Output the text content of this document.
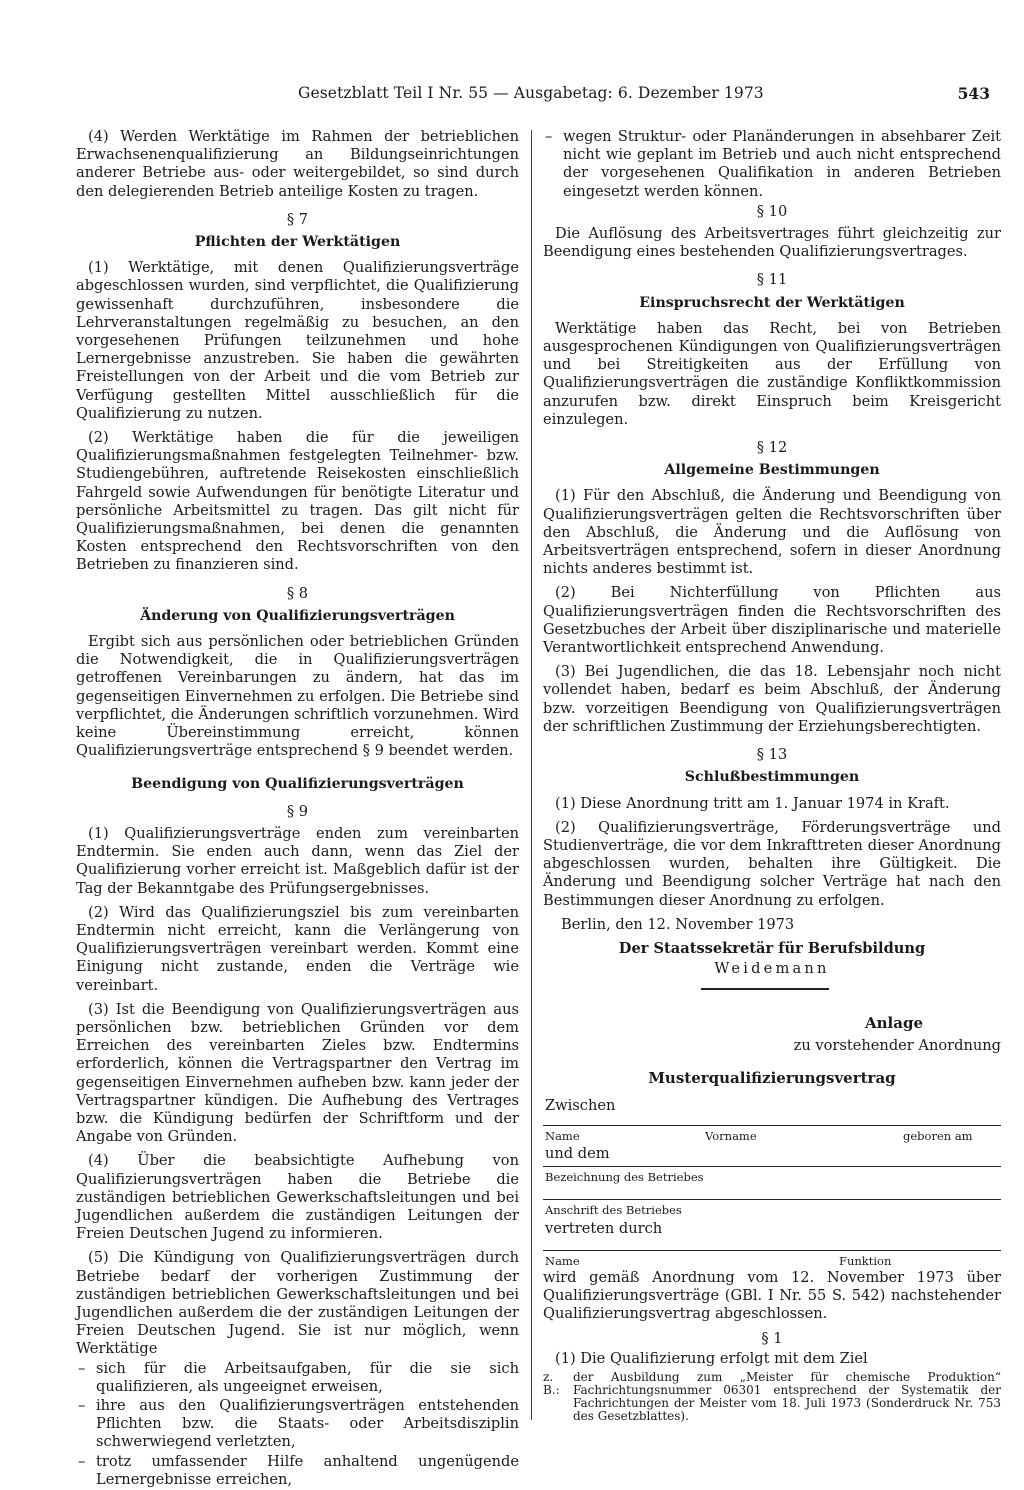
Gesetzblatt Teil I Nr. 55 — Ausgabetag: 6. Dezember 1973	543

(4) Werden Werktätige im Rahmen der betrieblichen Erwachsenenqualifizierung an Bildungseinrichtungen anderer Betriebe aus- oder weitergebildet, so sind durch den delegierenden Betrieb anteilige Kosten zu tragen.

§ 7
Pflichten der Werktätigen

(1) Werktätige, mit denen Qualifizierungsverträge abgeschlossen wurden, sind verpflichtet, die Qualifizierung gewissenhaft durchzuführen, insbesondere die Lehrveranstaltungen regelmäßig zu besuchen, an den vorgesehenen Prüfungen teilzunehmen und hohe Lernergebnisse anzustreben. Sie haben die gewährten Freistellungen von der Arbeit und die vom Betrieb zur Verfügung gestellten Mittel ausschließlich für die Qualifizierung zu nutzen.

(2) Werktätige haben die für die jeweiligen Qualifizierungsmaßnahmen festgelegten Teilnehmer- bzw. Studiengebühren, auftretende Reisekosten einschließlich Fahrgeld sowie Aufwendungen für benötigte Literatur und persönliche Arbeitsmittel zu tragen. Das gilt nicht für Qualifizierungsmaßnahmen, bei denen die genannten Kosten entsprechend den Rechtsvorschriften von den Betrieben zu finanzieren sind.

§ 8
Änderung von Qualifizierungsverträgen

Ergibt sich aus persönlichen oder betrieblichen Gründen die Notwendigkeit, die in Qualifizierungsverträgen getroffenen Vereinbarungen zu ändern, hat das im gegenseitigen Einvernehmen zu erfolgen. Die Betriebe sind verpflichtet, die Änderungen schriftlich vorzunehmen. Wird keine Übereinstimmung erreicht, können Qualifizierungsverträge entsprechend § 9 beendet werden.

Beendigung von Qualifizierungsverträgen
§ 9

(1) Qualifizierungsverträge enden zum vereinbarten Endtermin. Sie enden auch dann, wenn das Ziel der Qualifizierung vorher erreicht ist. Maßgeblich dafür ist der Tag der Bekanntgabe des Prüfungsergebnisses.

(2) Wird das Qualifizierungsziel bis zum vereinbarten Endtermin nicht erreicht, kann die Verlängerung von Qualifizierungsverträgen vereinbart werden. Kommt eine Einigung nicht zustande, enden die Verträge wie vereinbart.

(3) Ist die Beendigung von Qualifizierungsverträgen aus persönlichen bzw. betrieblichen Gründen vor dem Erreichen des vereinbarten Zieles bzw. Endtermins erforderlich, können die Vertragspartner den Vertrag im gegenseitigen Einvernehmen aufheben bzw. kann jeder der Vertragspartner kündigen. Die Aufhebung des Vertrages bzw. die Kündigung bedürfen der Schriftform und der Angabe von Gründen.

(4) Über die beabsichtigte Aufhebung von Qualifizierungsverträgen haben die Betriebe die zuständigen betrieblichen Gewerkschaftsleitungen und bei Jugendlichen außerdem die zuständigen Leitungen der Freien Deutschen Jugend zu informieren.

(5) Die Kündigung von Qualifizierungsverträgen durch Betriebe bedarf der vorherigen Zustimmung der zuständigen betrieblichen Gewerkschaftsleitungen und bei Jugendlichen außerdem die der zuständigen Leitungen der Freien Deutschen Jugend. Sie ist nur möglich, wenn Werktätige

– sich für die Arbeitsaufgaben, für die sie sich qualifizieren, als ungeeignet erweisen,
– ihre aus den Qualifizierungsverträgen entstehenden Pflichten bzw. die Staats- oder Arbeitsdisziplin schwerwiegend verletzten,
– trotz umfassender Hilfe anhaltend ungenügende Lernergebnisse erreichen,
– wegen Struktur- oder Planänderungen in absehbarer Zeit nicht wie geplant im Betrieb und auch nicht entsprechend der vorgesehenen Qualifikation in anderen Betrieben eingesetzt werden können.
§ 10

Die Auflösung des Arbeitsvertrages führt gleichzeitig zur Beendigung eines bestehenden Qualifizierungsvertrages.

§ 11
Einspruchsrecht der Werktätigen

Werktätige haben das Recht, bei von Betrieben ausgesprochenen Kündigungen von Qualifizierungsverträgen und bei Streitigkeiten aus der Erfüllung von Qualifizierungsverträgen die zuständige Konfliktkommission anzurufen bzw. direkt Einspruch beim Kreisgericht einzulegen.

§ 12
Allgemeine Bestimmungen

(1) Für den Abschluß, die Änderung und Beendigung von Qualifizierungsverträgen gelten die Rechtsvorschriften über den Abschluß, die Änderung und die Auflösung von Arbeitsverträgen entsprechend, sofern in dieser Anordnung nichts anderes bestimmt ist.

(2) Bei Nichterfüllung von Pflichten aus Qualifizierungsverträgen finden die Rechtsvorschriften des Gesetzbuches der Arbeit über disziplinarische und materielle Verantwortlichkeit entsprechend Anwendung.

(3) Bei Jugendlichen, die das 18. Lebensjahr noch nicht vollendet haben, bedarf es beim Abschluß, der Änderung bzw. vorzeitigen Beendigung von Qualifizierungsverträgen der schriftlichen Zustimmung der Erziehungsberechtigten.

§ 13
Schlußbestimmungen

(1) Diese Anordnung tritt am 1. Januar 1974 in Kraft.

(2) Qualifizierungsverträge, Förderungsverträge und Studienverträge, die vor dem Inkrafttreten dieser Anordnung abgeschlossen wurden, behalten ihre Gültigkeit. Die Änderung und Beendigung solcher Verträge hat nach den Bestimmungen dieser Anordnung zu erfolgen.

Berlin, den 12. November 1973
Der Staatssekretär für Berufsbildung
Weidemann
Anlage
zu vorstehender Anordnung
Musterqualifizierungsvertrag
Zwischen
Name	Vorname	geboren am
und dem
Bezeichnung des Betriebes
Anschrift des Betriebes
vertreten durch
Name	Funktion

wird gemäß Anordnung vom 12. November 1973 über Qualifizierungsverträge (GBl. I Nr. 55 S. 542) nachstehender Qualifizierungsvertrag abgeschlossen.

§ 1

(1) Die Qualifizierung erfolgt mit dem Ziel

z. B.:
der Ausbildung zum „Meister für chemische Produktion“ Fachrichtungsnummer 06301 entsprechend der Systematik der Fachrichtungen der Meister vom 18. Juli 1973 (Sonderdruck Nr. 753 des Gesetzblattes).
